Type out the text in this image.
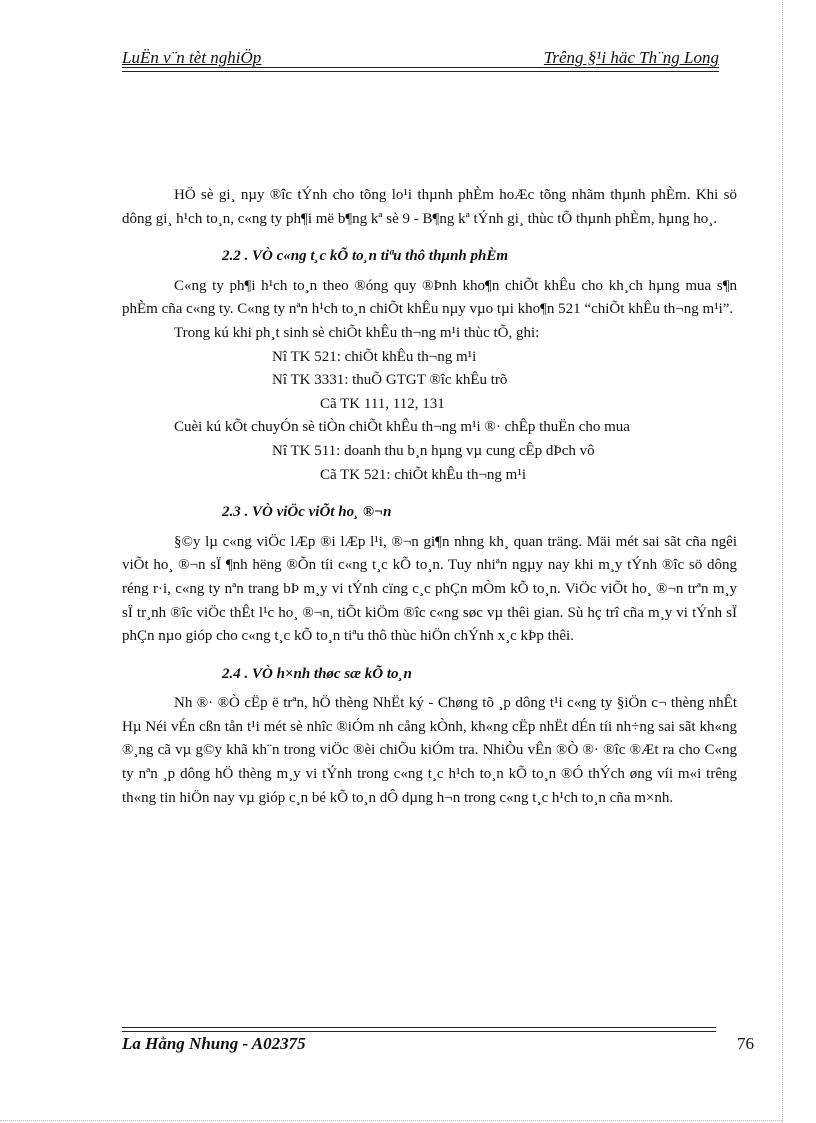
LuËn v¨n tèt nghiÖp	Trêng §¹i häc Th¨ng Long

HÖ sè gi¸ nµy ®îc tÝnh cho tõng lo¹i thµnh phÈm hoÆc tõng nhãm thµnh phÈm. Khi sö dông gi¸ h¹ch to¸n, c«ng ty ph¶i më b¶ng kª sè 9 - B¶ng kª tÝnh gi¸ thùc tÕ thµnh phÈm, hµng ho¸.

2.2 . VÒ c«ng t¸c kÕ to¸n tiªu thô thµnh phÈm

C«ng ty ph¶i h¹ch to¸n theo ®óng quy ®Þnh kho¶n chiÕt khÊu cho kh¸ch hµng mua s¶n phÈm cña c«ng ty. C«ng ty nªn h¹ch to¸n chiÕt khÊu nµy vµo tµi kho¶n 521 “chiÕt khÊu th¬ng m¹i”.

Trong kú khi ph¸t sinh sè chiÕt khÊu th¬ng m¹i thùc tÕ, ghi:

Nî TK 521: chiÕt khÊu th¬ng m¹i

Nî TK 3331: thuÕ GTGT ®îc khÊu trõ

Cã TK 111, 112, 131

Cuèi kú kÕt chuyÓn sè tiÒn chiÕt khÊu th¬ng m¹i ®· chÊp thuËn cho mua

Nî TK 511: doanh thu b¸n hµng vµ cung cÊp dÞch vô

Cã TK 521: chiÕt khÊu th¬ng m¹i

2.3 . VÒ viÖc viÕt ho¸ ®¬n

§©y lµ c«ng viÖc lÆp ®i lÆp l¹i, ®¬n gi¶n nhng kh¸ quan träng. Mäi mét sai sãt cña ngêi viÕt ho¸ ®¬n sÏ ¶nh hëng ®Õn tíi c«ng t¸c kÕ to¸n. Tuy nhiªn ngµy nay khi m¸y tÝnh ®îc sö dông réng r·i, c«ng ty nªn trang bÞ m¸y vi tÝnh cïng c¸c phÇn mÒm kÕ to¸n. ViÖc viÕt ho¸ ®¬n trªn m¸y sÏ tr¸nh ®îc viÖc thÊt l¹c ho¸ ®¬n, tiÕt kiÖm ®îc c«ng søc vµ thêi gian. Sù hç trî cña m¸y vi tÝnh sÏ phÇn nµo gióp cho c«ng t¸c kÕ to¸n tiªu thô thùc hiÖn chÝnh x¸c kÞp thêi.

2.4 . VÒ h×nh thøc sæ kÕ to¸n

Nh ®· ®Ò cËp ë trªn, hÖ thèng NhËt ký - Chøng tõ ¸p dông t¹i c«ng ty §iÖn c¬ thèng nhÊt Hµ Néi vÉn cßn tån t¹i mét sè nhîc ®iÓm nh cång kÒnh, kh«ng cËp nhËt dÉn tíi nh÷ng sai sãt kh«ng ®¸ng cã vµ g©y khã kh¨n trong viÖc ®èi chiÕu kiÓm tra. NhiÒu vÊn ®Ò ®· ®îc ®Æt ra cho C«ng ty nªn ¸p dông hÖ thèng m¸y vi tÝnh trong c«ng t¸c h¹ch to¸n kÕ to¸n ®Ó thÝch øng víi m«i trêng th«ng tin hiÖn nay vµ gióp c¸n bé kÕ to¸n dÔ dµng h¬n trong c«ng t¸c h¹ch to¸n cña m×nh.

La Hằng Nhung - A02375	76
